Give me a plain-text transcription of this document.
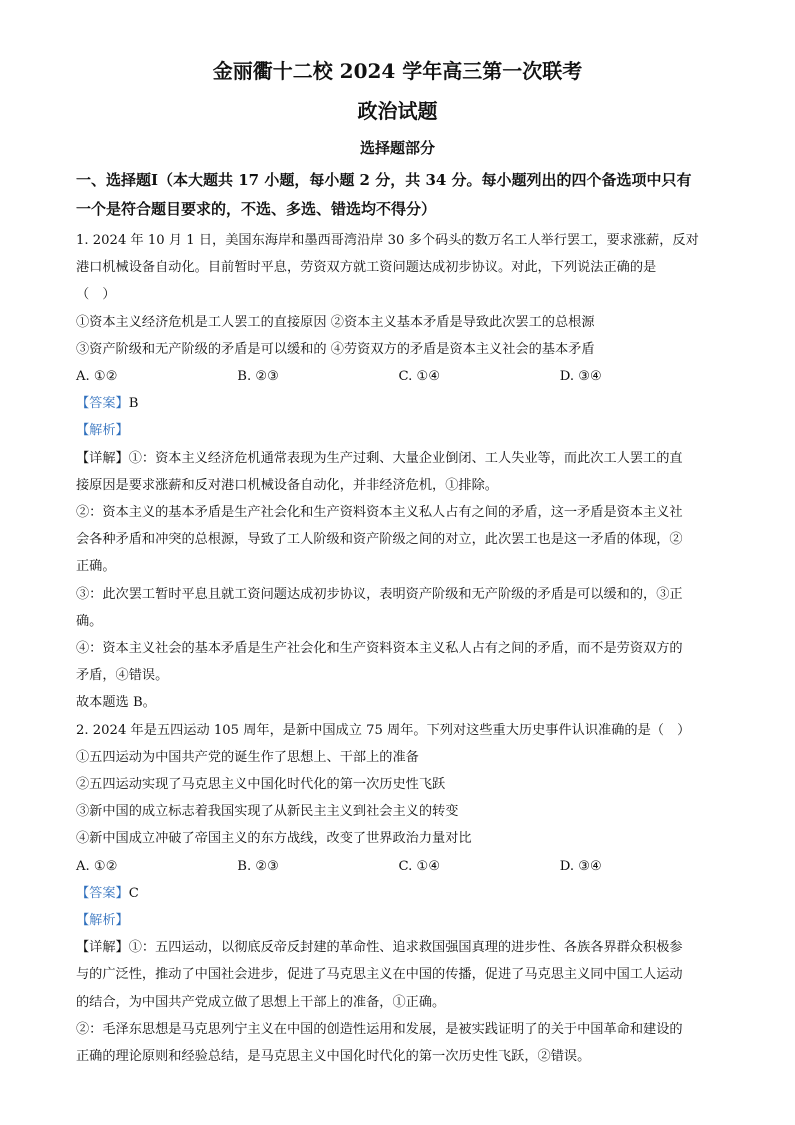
金丽衢十二校 2024 学年高三第一次联考
政治试题
选择题部分

一、选择题Ⅰ（本大题共 17 小题，每小题 2 分，共 34 分。每小题列出的四个备选项中只有

一个是符合题目要求的，不选、多选、错选均不得分）

1. 2024 年 10 月 1 日，美国东海岸和墨西哥湾沿岸 30 多个码头的数万名工人举行罢工，要求涨薪，反对

港口机械设备自动化。目前暂时平息，劳资双方就工资问题达成初步协议。对此，下列说法正确的是

（　）

①资本主义经济危机是工人罢工的直接原因 ②资本主义基本矛盾是导致此次罢工的总根源

③资产阶级和无产阶级的矛盾是可以缓和的 ④劳资双方的矛盾是资本主义社会的基本矛盾

A. ①②	B. ②③	C. ①④	D. ③④

【答案】B

【解析】

【详解】①：资本主义经济危机通常表现为生产过剩、大量企业倒闭、工人失业等，而此次工人罢工的直

接原因是要求涨薪和反对港口机械设备自动化，并非经济危机，①排除。

②：资本主义的基本矛盾是生产社会化和生产资料资本主义私人占有之间的矛盾，这一矛盾是资本主义社

会各种矛盾和冲突的总根源，导致了工人阶级和资产阶级之间的对立，此次罢工也是这一矛盾的体现，②

正确。

③：此次罢工暂时平息且就工资问题达成初步协议，表明资产阶级和无产阶级的矛盾是可以缓和的，③正

确。

④：资本主义社会的基本矛盾是生产社会化和生产资料资本主义私人占有之间的矛盾，而不是劳资双方的

矛盾，④错误。

故本题选 B。

2. 2024 年是五四运动 105 周年，是新中国成立 75 周年。下列对这些重大历史事件认识准确的是（　）

①五四运动为中国共产党的诞生作了思想上、干部上的准备

②五四运动实现了马克思主义中国化时代化的第一次历史性飞跃

③新中国的成立标志着我国实现了从新民主主义到社会主义的转变

④新中国成立冲破了帝国主义的东方战线，改变了世界政治力量对比

A. ①②	B. ②③	C. ①④	D. ③④

【答案】C

【解析】

【详解】①：五四运动，以彻底反帝反封建的革命性、追求救国强国真理的进步性、各族各界群众积极参

与的广泛性，推动了中国社会进步，促进了马克思主义在中国的传播，促进了马克思主义同中国工人运动

的结合，为中国共产党成立做了思想上干部上的准备，①正确。

②：毛泽东思想是马克思列宁主义在中国的创造性运用和发展，是被实践证明了的关于中国革命和建设的

正确的理论原则和经验总结，是马克思主义中国化时代化的第一次历史性飞跃，②错误。
